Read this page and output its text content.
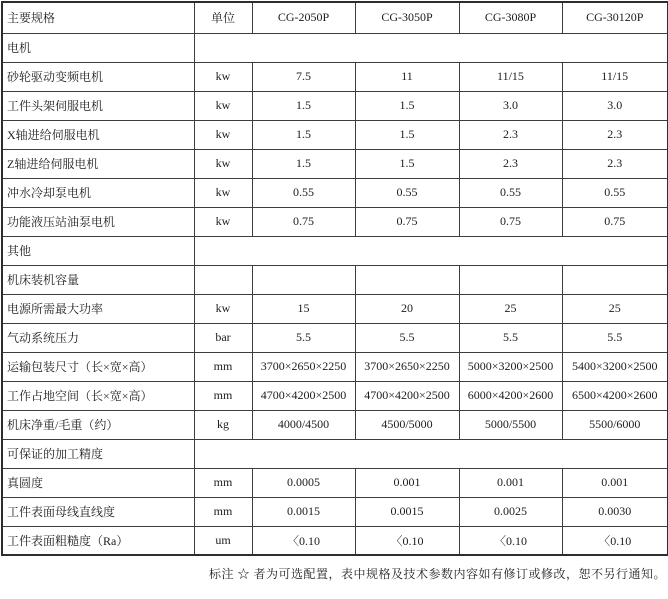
主要规格	单位	CG-2050P	CG-3050P	CG-3080P	CG-30120P
电机					
砂轮驱动变频电机	kw	7.5	11	11/15	11/15
工件头架伺服电机	kw	1.5	1.5	3.0	3.0
X轴进给伺服电机	kw	1.5	1.5	2.3	2.3
Z轴进给伺服电机	kw	1.5	1.5	2.3	2.3
冲水冷却泵电机	kw	0.55	0.55	0.55	0.55
功能液压站油泵电机	kw	0.75	0.75	0.75	0.75
其他					
机床装机容量					
电源所需最大功率	kw	15	20	25	25
气动系统压力	bar	5.5	5.5	5.5	5.5
运输包装尺寸（长×宽×高）	mm	3700×2650×2250	3700×2650×2250	5000×3200×2500	5400×3200×2500
工作占地空间（长×宽×高）	mm	4700×4200×2500	4700×4200×2500	6000×4200×2600	6500×4200×2600
机床净重/毛重（约）	kg	4000/4500	4500/5000	5000/5500	5500/6000
可保证的加工精度					
真圆度	mm	0.0005	0.001	0.001	0.001
工件表面母线直线度	mm	0.0015	0.0015	0.0025	0.0030
工件表面粗糙度（Ra）	um	〈0.10	〈0.10	〈0.10	〈0.10
标注 ☆ 者为可选配置，表中规格及技术参数内容如有修订或修改，恕不另行通知。
